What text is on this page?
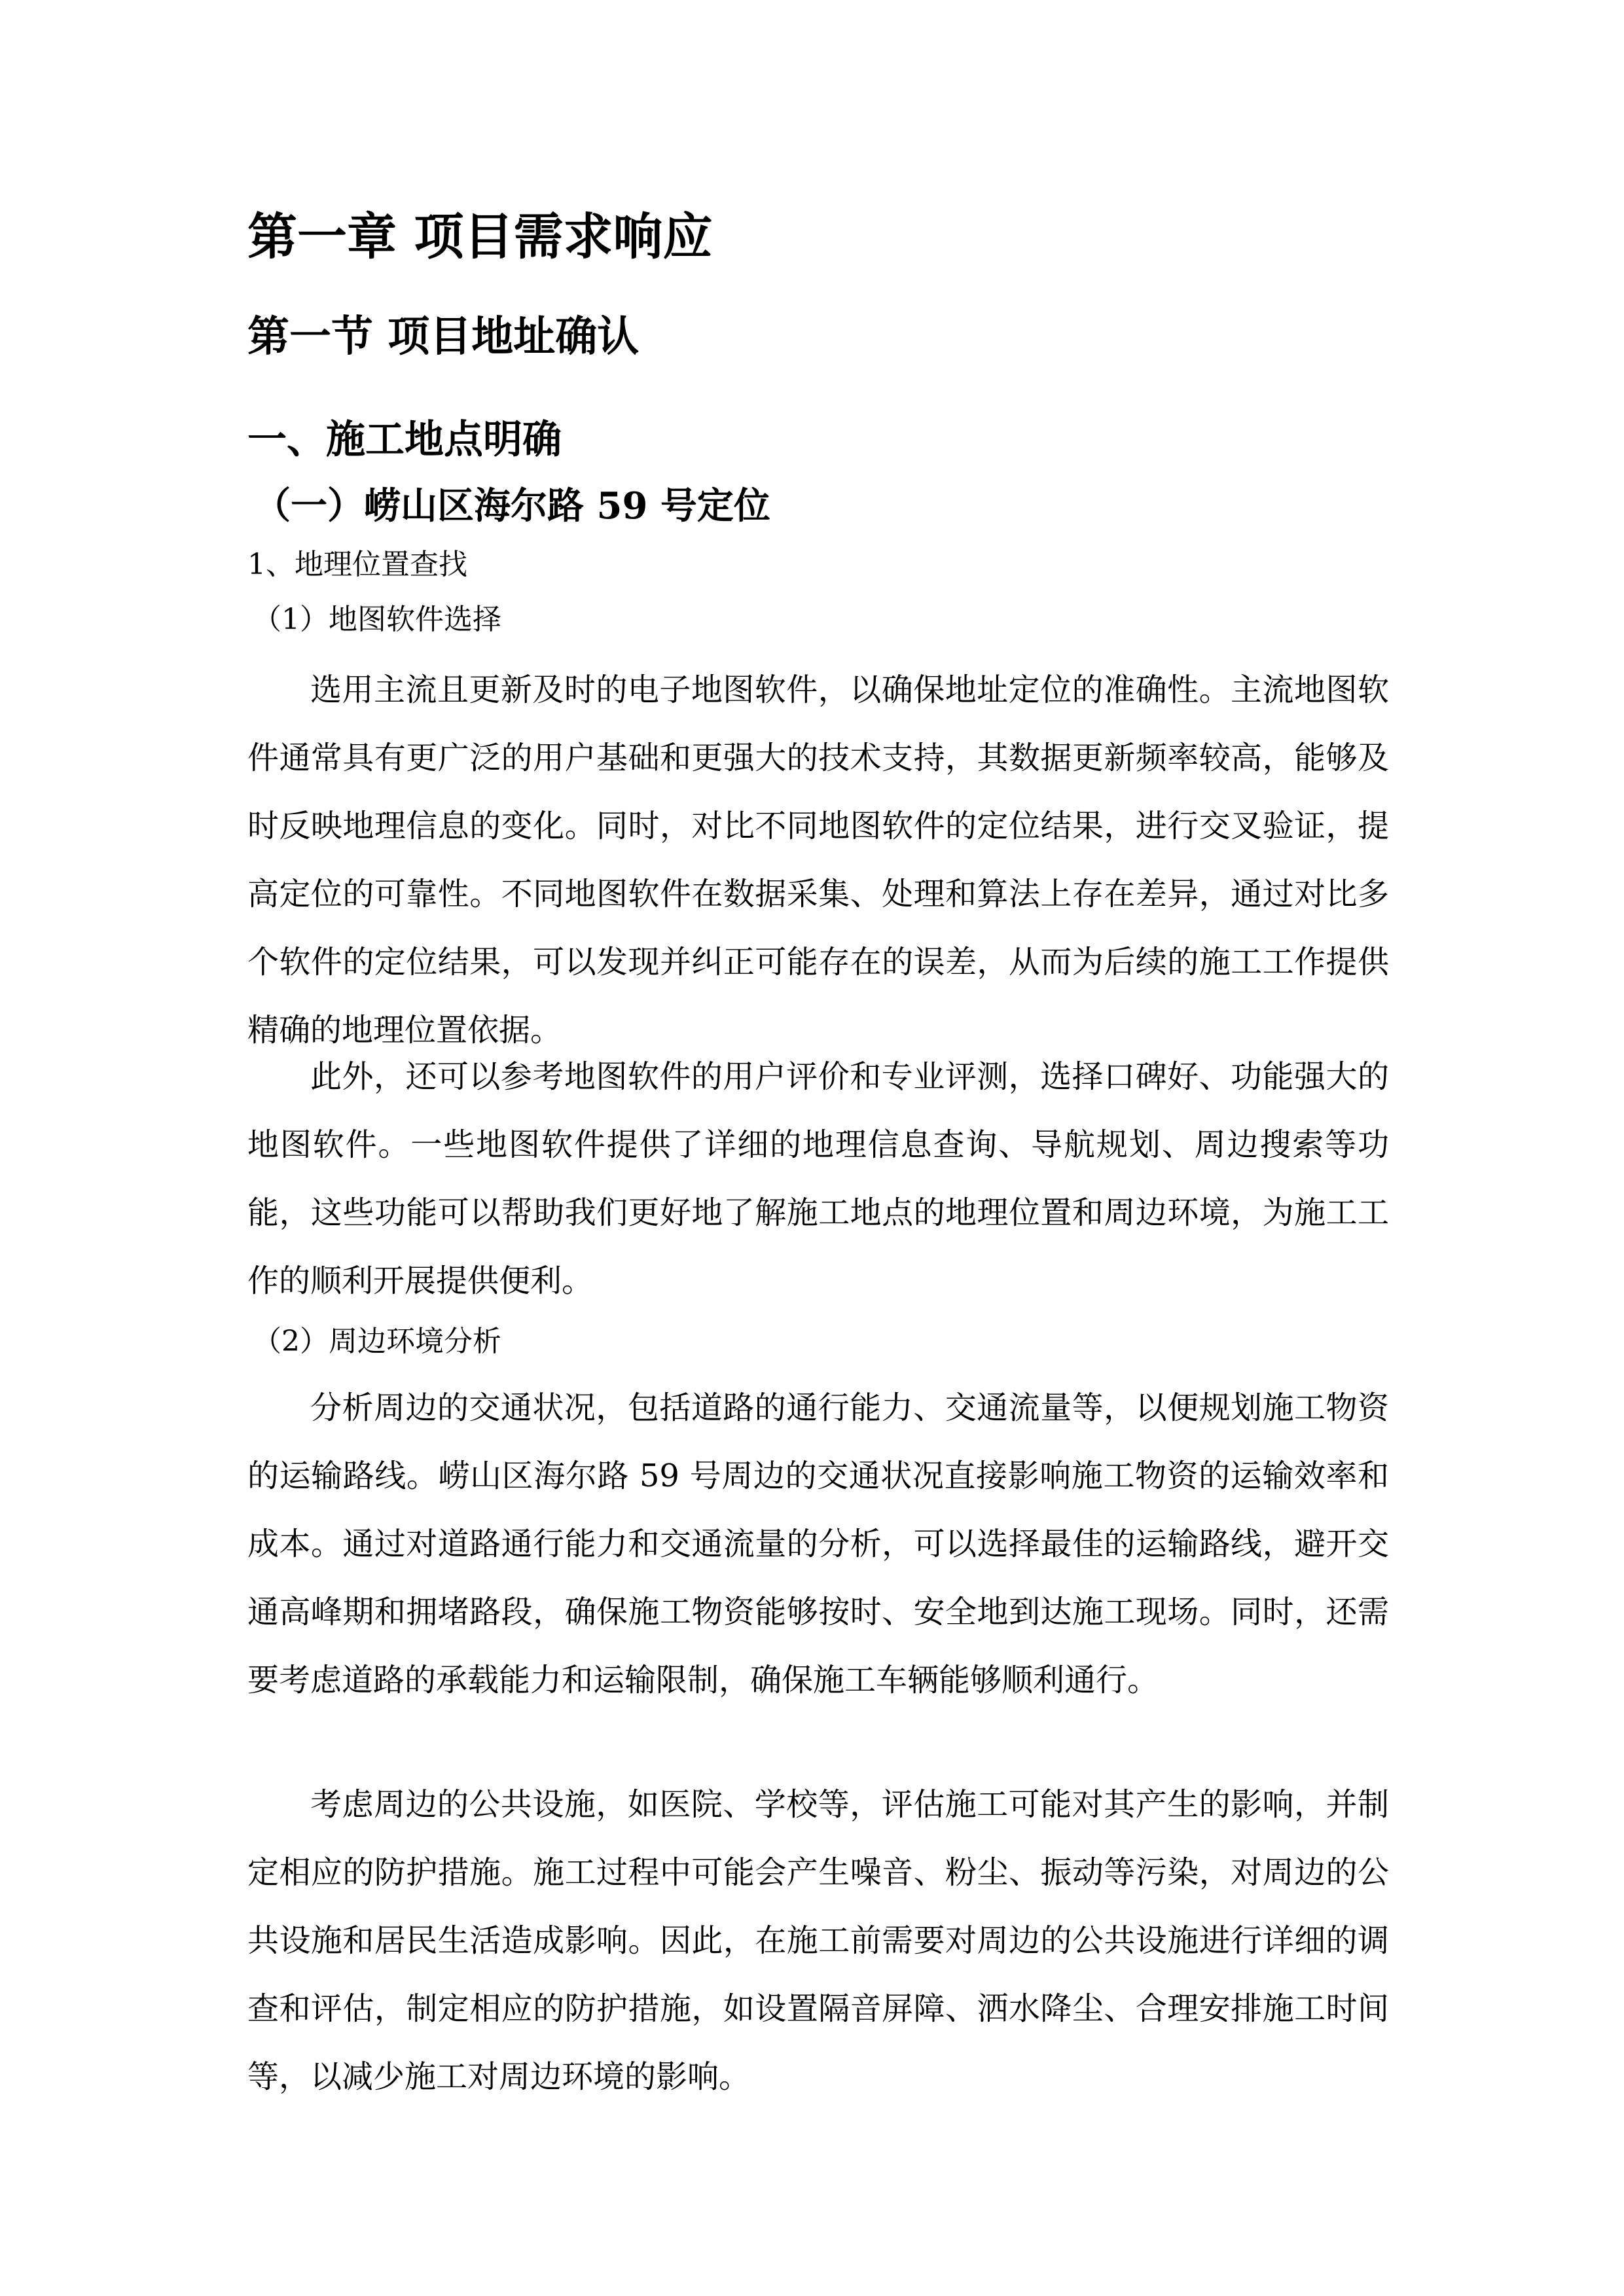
第一章 项目需求响应
第一节 项目地址确认
一、施工地点明确
（一）崂山区海尔路 59 号定位
1、地理位置查找
（1）地图软件选择

选用主流且更新及时的电子地图软件，以确保地址定位的准确性。主流地图软件通常具有更广泛的用户基础和更强大的技术支持，其数据更新频率较高，能够及时反映地理信息的变化。同时，对比不同地图软件的定位结果，进行交叉验证，提高定位的可靠性。不同地图软件在数据采集、处理和算法上存在差异，通过对比多个软件的定位结果，可以发现并纠正可能存在的误差，从而为后续的施工工作提供精确的地理位置依据。

此外，还可以参考地图软件的用户评价和专业评测，选择口碑好、功能强大的地图软件。一些地图软件提供了详细的地理信息查询、导航规划、周边搜索等功能，这些功能可以帮助我们更好地了解施工地点的地理位置和周边环境，为施工工作的顺利开展提供便利。

（2）周边环境分析

分析周边的交通状况，包括道路的通行能力、交通流量等，以便规划施工物资的运输路线。崂山区海尔路 59 号周边的交通状况直接影响施工物资的运输效率和成本。通过对道路通行能力和交通流量的分析，可以选择最佳的运输路线，避开交通高峰期和拥堵路段，确保施工物资能够按时、安全地到达施工现场。同时，还需要考虑道路的承载能力和运输限制，确保施工车辆能够顺利通行。

考虑周边的公共设施，如医院、学校等，评估施工可能对其产生的影响，并制定相应的防护措施。施工过程中可能会产生噪音、粉尘、振动等污染，对周边的公共设施和居民生活造成影响。因此，在施工前需要对周边的公共设施进行详细的调查和评估，制定相应的防护措施，如设置隔音屏障、洒水降尘、合理安排施工时间等，以减少施工对周边环境的影响。
